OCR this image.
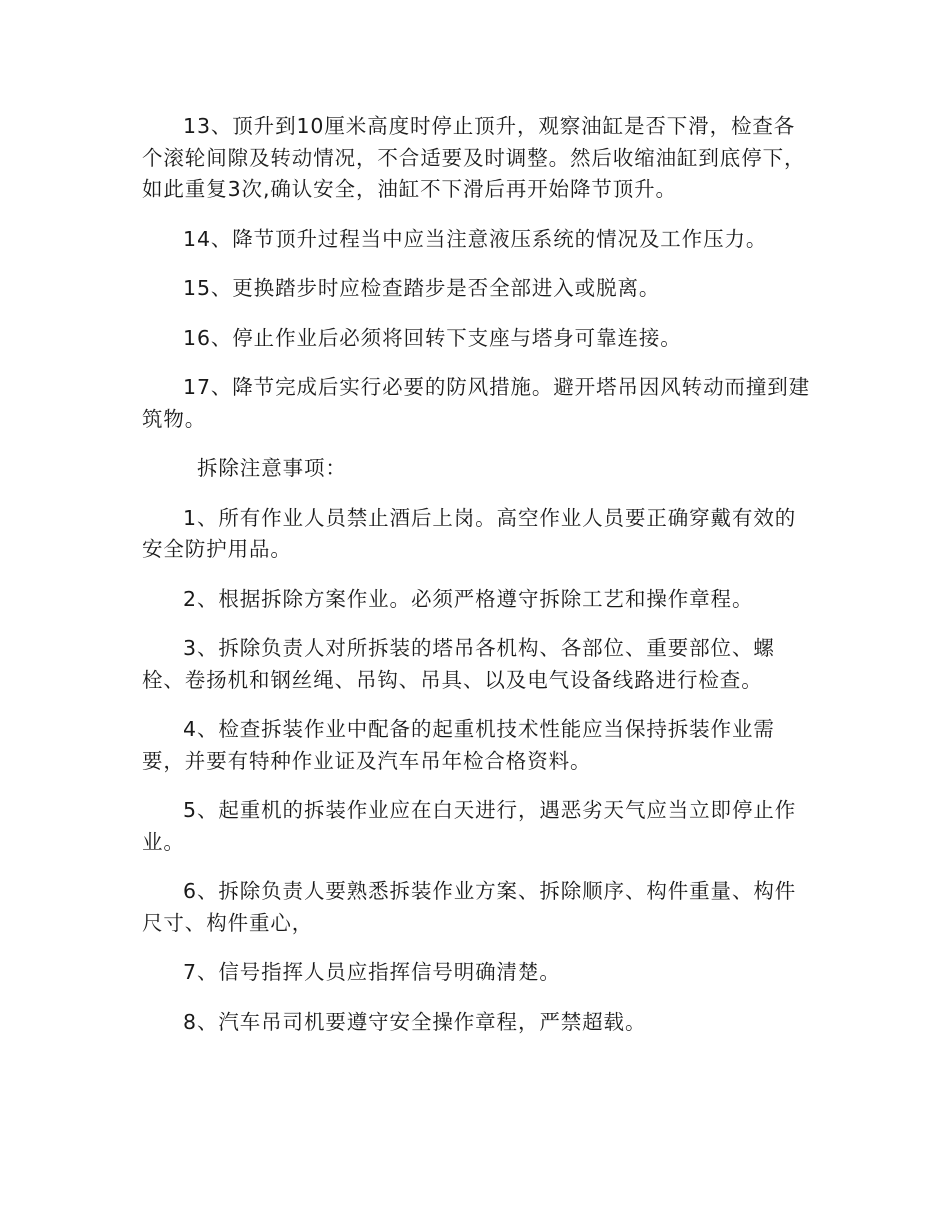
13、顶升到10厘米高度时停止顶升，观察油缸是否下滑，检查各个滚轮间隙及转动情况，不合适要及时调整。然后收缩油缸到底停下，如此重复3次,确认安全，油缸不下滑后再开始降节顶升。

14、降节顶升过程当中应当注意液压系统的情况及工作压力。

15、更换踏步时应检查踏步是否全部进入或脱离。

16、停止作业后必须将回转下支座与塔身可靠连接。

17、降节完成后实行必要的防风措施。避开塔吊因风转动而撞到建筑物。

拆除注意事项：

1、所有作业人员禁止酒后上岗。高空作业人员要正确穿戴有效的安全防护用品。

2、根据拆除方案作业。必须严格遵守拆除工艺和操作章程。

3、拆除负责人对所拆装的塔吊各机构、各部位、重要部位、螺栓、卷扬机和钢丝绳、吊钩、吊具、以及电气设备线路进行检查。

4、检查拆装作业中配备的起重机技术性能应当保持拆装作业需要，并要有特种作业证及汽车吊年检合格资料。

5、起重机的拆装作业应在白天进行，遇恶劣天气应当立即停止作业。

6、拆除负责人要熟悉拆装作业方案、拆除顺序、构件重量、构件尺寸、构件重心，

7、信号指挥人员应指挥信号明确清楚。

8、汽车吊司机要遵守安全操作章程，严禁超载。
